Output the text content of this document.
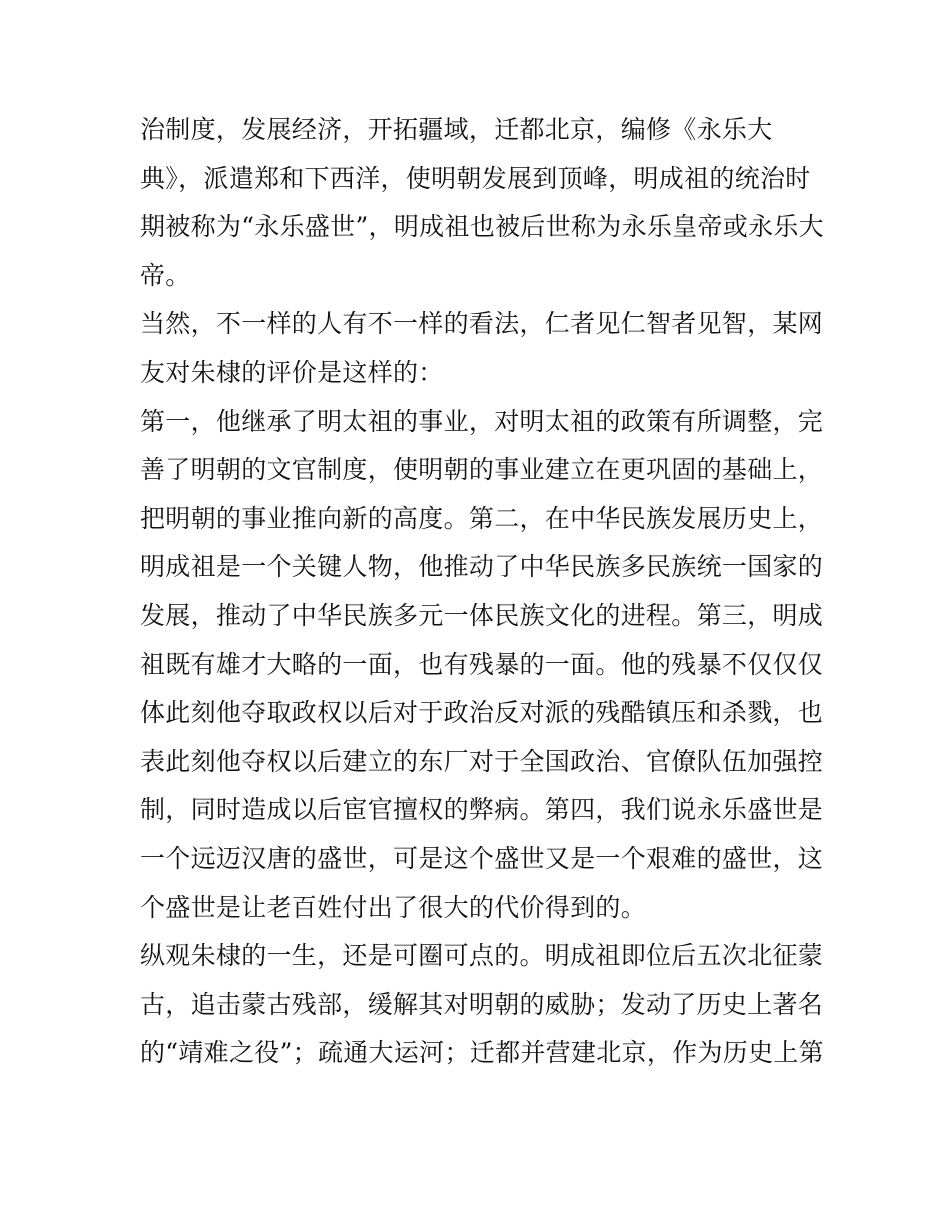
治制度，发展经济，开拓疆域，迁都北京，编修《永乐大
典》，派遣郑和下西洋，使明朝发展到顶峰，明成祖的统治时
期被称为“永乐盛世”，明成祖也被后世称为永乐皇帝或永乐大
帝。
当然，不一样的人有不一样的看法，仁者见仁智者见智，某网
友对朱棣的评价是这样的：
第一，他继承了明太祖的事业，对明太祖的政策有所调整，完
善了明朝的文官制度，使明朝的事业建立在更巩固的基础上，
把明朝的事业推向新的高度。第二，在中华民族发展历史上，
明成祖是一个关键人物，他推动了中华民族多民族统一国家的
发展，推动了中华民族多元一体民族文化的进程。第三，明成
祖既有雄才大略的一面，也有残暴的一面。他的残暴不仅仅仅
体此刻他夺取政权以后对于政治反对派的残酷镇压和杀戮，也
表此刻他夺权以后建立的东厂对于全国政治、官僚队伍加强控
制，同时造成以后宦官擅权的弊病。第四，我们说永乐盛世是
一个远迈汉唐的盛世，可是这个盛世又是一个艰难的盛世，这
个盛世是让老百姓付出了很大的代价得到的。
纵观朱棣的一生，还是可圈可点的。明成祖即位后五次北征蒙
古，追击蒙古残部，缓解其对明朝的威胁；发动了历史上著名
的“靖难之役”；疏通大运河；迁都并营建北京，作为历史上第
